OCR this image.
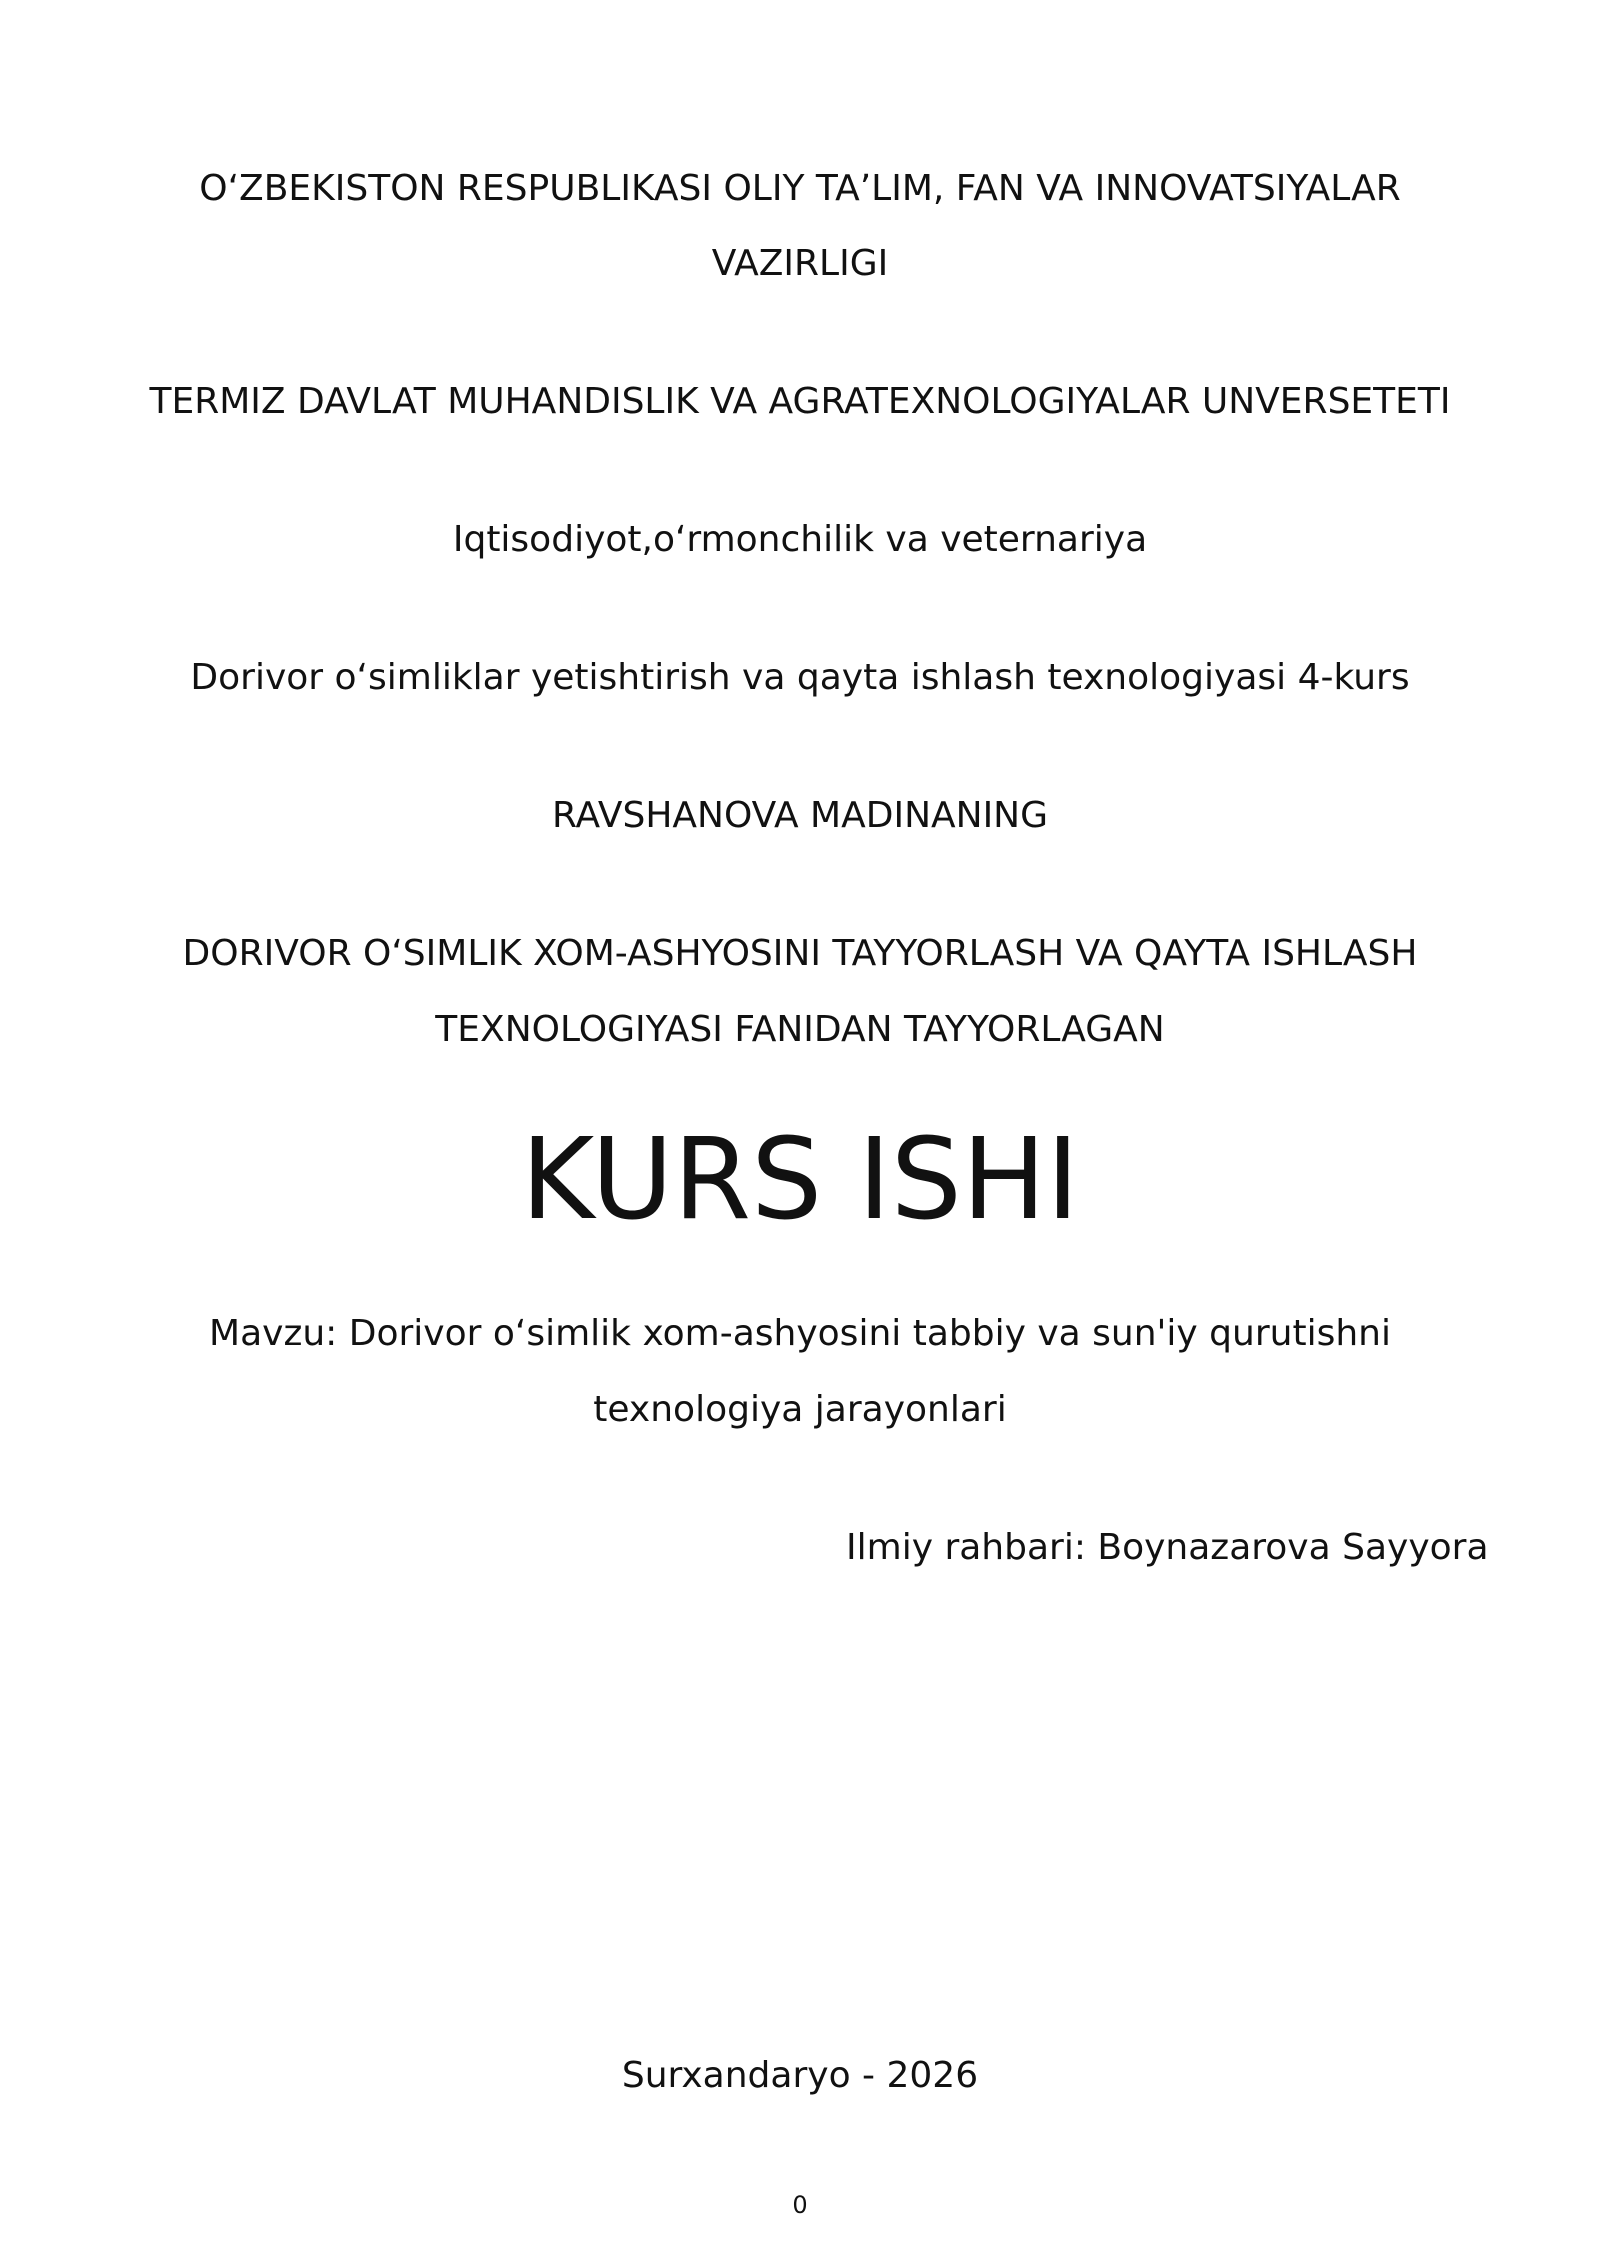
O‘ZBEKISTON RESPUBLIKASI OLIY TA’LIM, FAN VA INNOVATSIYALAR
VAZIRLIGI
TERMIZ DAVLAT MUHANDISLIK VA AGRATEXNOLOGIYALAR UNVERSETETI
Iqtisodiyot,o‘rmonchilik va veternariya
Dorivor o‘simliklar yetishtirish va qayta ishlash texnologiyasi 4-kurs
RAVSHANOVA MADINANING
DORIVOR O‘SIMLIK XOM-ASHYOSINI TAYYORLASH VA QAYTA ISHLASH
TEXNOLOGIYASI FANIDAN TAYYORLAGAN
KURS ISHI
Mavzu: Dorivor o‘simlik xom-ashyosini tabbiy va sun'iy qurutishni
texnologiya jarayonlari
Ilmiy rahbari: Boynazarova Sayyora
Surxandaryo - 2026
0
